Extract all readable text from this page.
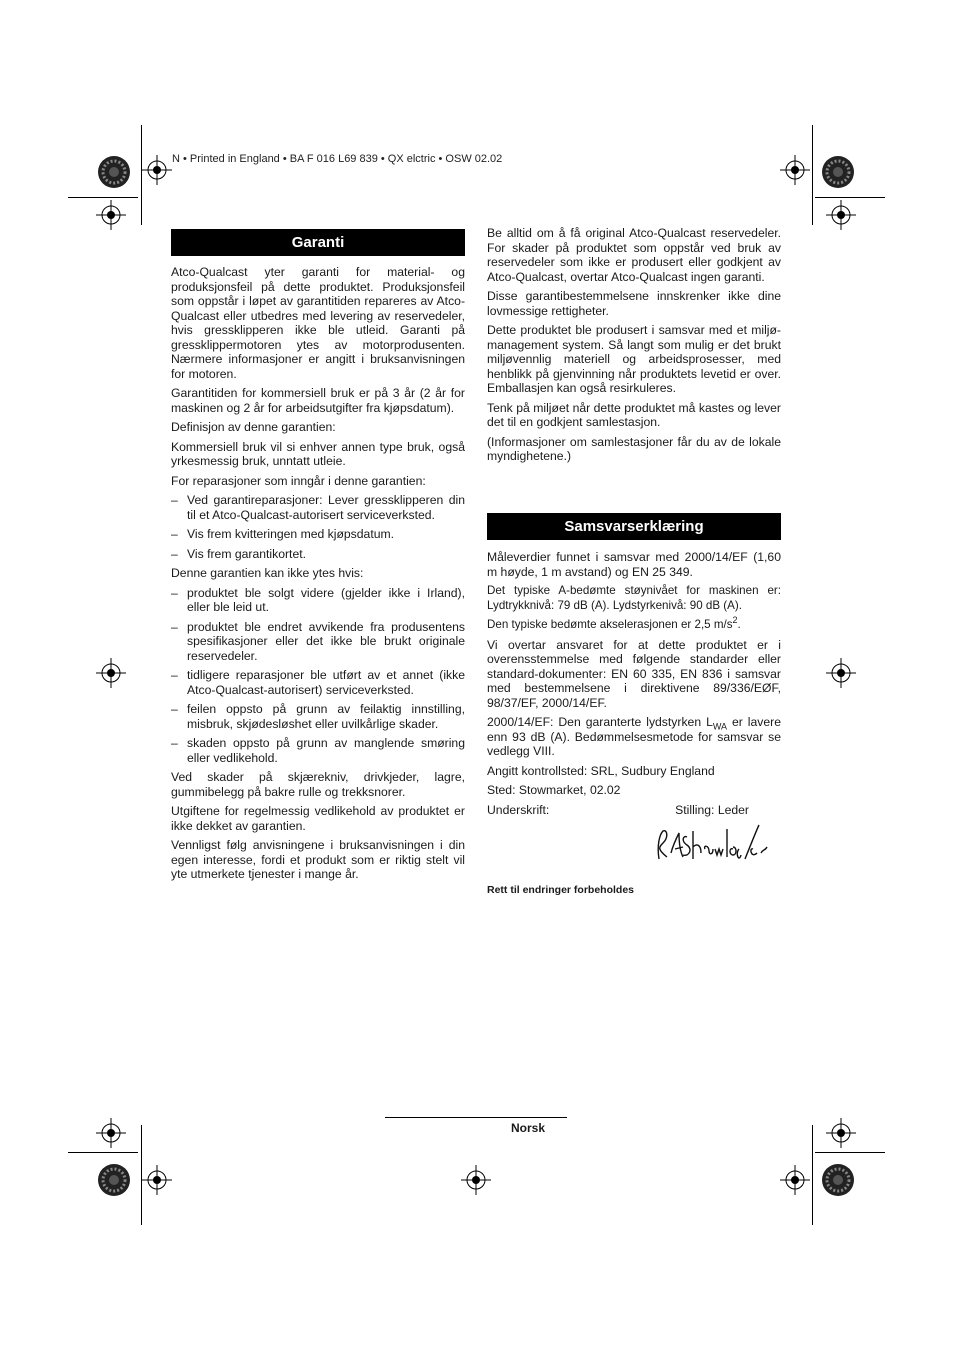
N • Printed in England • BA F 016 L69 839 • QX elctric • OSW 02.02
Garanti

Atco-Qualcast yter garanti for material- og produksjonsfeil på dette produktet. Produksjonsfeil som oppstår i løpet av garantitiden repareres av Atco-Qualcast eller utbedres med levering av reservedeler, hvis gressklipperen ikke ble utleid. Garanti på gressklippermotoren ytes av motorprodusenten. Nærmere informasjoner er angitt i bruksanvisningen for motoren.

Garantitiden for kommersiell bruk er på 3 år (2 år for maskinen og 2 år for arbeidsutgifter fra kjøpsdatum).

Definisjon av denne garantien:

Kommersiell bruk vil si enhver annen type bruk, også yrkesmessig bruk, unntatt utleie.

For reparasjoner som inngår i denne garantien:

– Ved garantireparasjoner: Lever gressklipperen din til et Atco-Qualcast-autorisert serviceverksted.
– Vis frem kvitteringen med kjøpsdatum.
– Vis frem garantikortet.

Denne garantien kan ikke ytes hvis:

– produktet ble solgt videre (gjelder ikke i Irland), eller ble leid ut.
– produktet ble endret avvikende fra produsentens spesifikasjoner eller det ikke ble brukt originale reservedeler.
– tidligere reparasjoner ble utført av et annet (ikke Atco-Qualcast-autorisert) serviceverksted.
– feilen oppsto på grunn av feilaktig innstilling, misbruk, skjødesløshet eller uvilkårlige skader.
– skaden oppsto på grunn av manglende smøring eller vedlikehold.

Ved skader på skjærekniv, drivkjeder, lagre, gummibelegg på bakre rulle og trekksnorer.

Utgiftene for regelmessig vedlikehold av produktet er ikke dekket av garantien.

Vennligst følg anvisningene i bruksanvisningen i din egen interesse, fordi et produkt som er riktig stelt vil yte utmerkete tjenester i mange år.

Be alltid om å få original Atco-Qualcast reservedeler. For skader på produktet som oppstår ved bruk av reservedeler som ikke er produsert eller godkjent av Atco-Qualcast, overtar Atco-Qualcast ingen garanti.

Disse garantibestemmelsene innskrenker ikke dine lovmessige rettigheter.

Dette produktet ble produsert i samsvar med et miljø-management system. Så langt som mulig er det brukt miljøvennlig materiell og arbeidsprosesser, med henblikk på gjenvinning når produktets levetid er over. Emballasjen kan også resirkuleres.

Tenk på miljøet når dette produktet må kastes og lever det til en godkjent samlestasjon.

(Informasjoner om samlestasjoner får du av de lokale myndighetene.)

Samsvarserklæring

Måleverdier funnet i samsvar med 2000/14/EF (1,60 m høyde, 1 m avstand) og EN 25 349.

Det typiske A-bedømte støynivået for maskinen er: Lydtrykknivå: 79 dB (A). Lydstyrkenivå: 90 dB (A).

Den typiske bedømte akselerasjonen er 2,5 $m/s^2$.

Vi overtar ansvaret for at dette produktet er i overensstemmelse med følgende standarder eller standard-dokumenter: EN 60 335, EN 836 i samsvar med bestemmelsene i direktivene 89/336/EØF, 98/37/EF, 2000/14/EF.

2000/14/EF: Den garanterte lydstyrken $L_{WA}$ er lavere enn 93 dB (A). Bedømmelsesmetode for samsvar se vedlegg VIII.

Angitt kontrollsted: SRL, Sudbury England

Sted: Stowmarket, 02.02

Underskrift:	Stilling: Leder
Rett til endringer forbeholdes
Norsk
